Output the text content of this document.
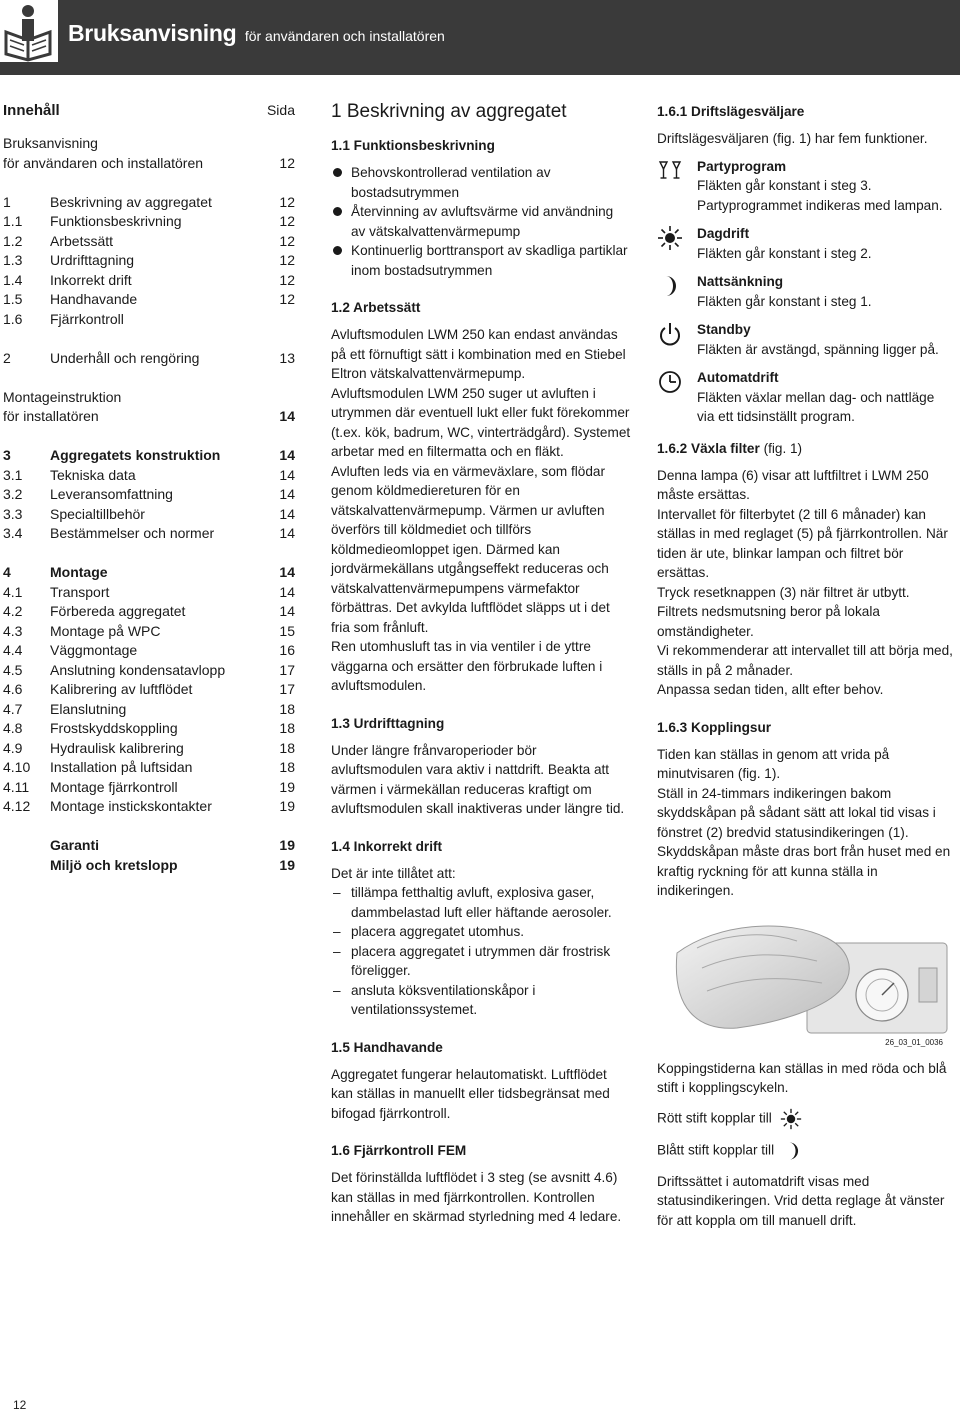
Bruksanvisning för användaren och installatören
Innehåll	Sida
Bruksanvisning
för användaren och installatören	12
1	Beskrivning av aggregatet	12
1.1 Funktionsbeskrivning	12
1.2 Arbetssätt	12
1.3 Urdrifttagning	12
1.4 Inkorrekt drift	12
1.5 Handhavande	12
1.6 Fjärrkontroll
2	Underhåll och rengöring	13
Montageinstruktion
för installatören	14
3	Aggregatets konstruktion	14
3.1 Tekniska data	14
3.2 Leveransomfattning	14
3.3 Specialtillbehör	14
3.4 Bestämmelser och normer	14
4	Montage	14
4.1 Transport	14
4.2 Förbereda aggregatet	14
4.3 Montage på WPC	15
4.4 Väggmontage	16
4.5 Anslutning kondensatavlopp	17
4.6 Kalibrering av luftflödet	17
4.7 Elanslutning	18
4.8 Frostskyddskoppling	18
4.9 Hydraulisk kalibrering	18
4.10 Installation på luftsidan	18
4.11 Montage fjärrkontroll	19
4.12 Montage instickskontakter	19
Garanti	19
Miljö och kretslopp	19
1 Beskrivning av aggregatet
1.1 Funktionsbeskrivning
Behovskontrollerad ventilation av bostadsutrymmen
Återvinning av avluftsvärme vid användning av vätskalvattenvärmepump
Kontinuerlig borttransport av skadliga partiklar inom bostadsutrymmen
1.2 Arbetssätt

Avluftsmodulen LWM 250 kan endast användas på ett förnuftigt sätt i kombination med en Stiebel Eltron vätskalvattenvärmepump.

Avluftsmodulen LWM 250 suger ut avluften i utrymmen där eventuell lukt eller fukt förekommer (t.ex. kök, badrum, WC, vinterträdgård). Systemet arbetar med en filtermatta och en fläkt.

Avluften leds via en värmeväxlare, som flödar genom köldmediereturen för en vätskalvattenvärmepump. Värmen ur avluften överförs till köldmediet och tillförs köldmedieomloppet igen. Därmed kan jordvärmekällans utgångseffekt reduceras och vätskalvattenvärmepumpens värmefaktor förbättras. Det avkylda luftflödet släpps ut i det fria som frånluft.

Ren utomhusluft tas in via ventiler i de yttre väggarna och ersätter den förbrukade luften i avluftsmodulen.

1.3 Urdrifttagning

Under längre frånvaroperioder bör avluftsmodulen vara aktiv i nattdrift. Beakta att värmen i värmekällan reduceras kraftigt om avluftsmodulen skall inaktiveras under längre tid.

1.4 Inkorrekt drift

Det är inte tillåtet att:

– tillämpa fetthaltig avluft, explosiva gaser, dammbelastad luft eller häftande aerosoler.
– placera aggregatet utomhus.
– placera aggregatet i utrymmen där frostrisk föreligger.
– ansluta köksventilationskåpor i ventilationssystemet.
1.5 Handhavande

Aggregatet fungerar helautomatiskt. Luftflödet kan ställas in manuellt eller tidsbegränsat med bifogad fjärrkontroll.

1.6 Fjärrkontroll FEM

Det förinställda luftflödet i 3 steg (se avsnitt 4.6) kan ställas in med fjärrkontrollen. Kontrollen innehåller en skärmad styrledning med 4 ledare.

1.6.1 Driftslägesväljare

Driftslägesväljaren (fig. 1) har fem funktioner.

Partyprogram
Fläkten går konstant i steg 3. Partyprogrammet indikeras med lampan.
Dagdrift
Fläkten går konstant i steg 2.
Nattsänkning
Fläkten går konstant i steg 1.
Standby
Fläkten är avstängd, spänning ligger på.
Automatdrift
Fläkten växlar mellan dag- och nattläge via ett tidsinställt program.
1.6.2 Växla filter (fig. 1)

Denna lampa (6) visar att luftfiltret i LWM 250 måste ersättas.

Intervallet för filterbytet (2 till 6 månader) kan ställas in med reglaget (5) på fjärrkontrollen. När tiden är ute, blinkar lampan och filtret bör ersättas.

Tryck resetknappen (3) när filtret är utbytt. Filtrets nedsmutsning beror på lokala omständigheter.

Vi rekommenderar att intervallet till att börja med, ställs in på 2 månader.

Anpassa sedan tiden, allt efter behov.

1.6.3 Kopplingsur

Tiden kan ställas in genom att vrida på minutvisaren (fig. 1).

Ställ in 24-timmars indikeringen bakom skyddskåpan på sådant sätt att lokal tid visas i fönstret (2) bredvid statusindikeringen (1).

Skyddskåpan måste dras bort från huset med en kraftig ryckning för att kunna ställa in indikeringen.

26_03_01_0036

Koppingstiderna kan ställas in med röda och blå stift i kopplingscykeln.

Rött stift kopplar till

Blått stift kopplar till

Driftssättet i automatdrift visas med statusindikeringen. Vrid detta reglage åt vänster för att koppla om till manuell drift.

12
